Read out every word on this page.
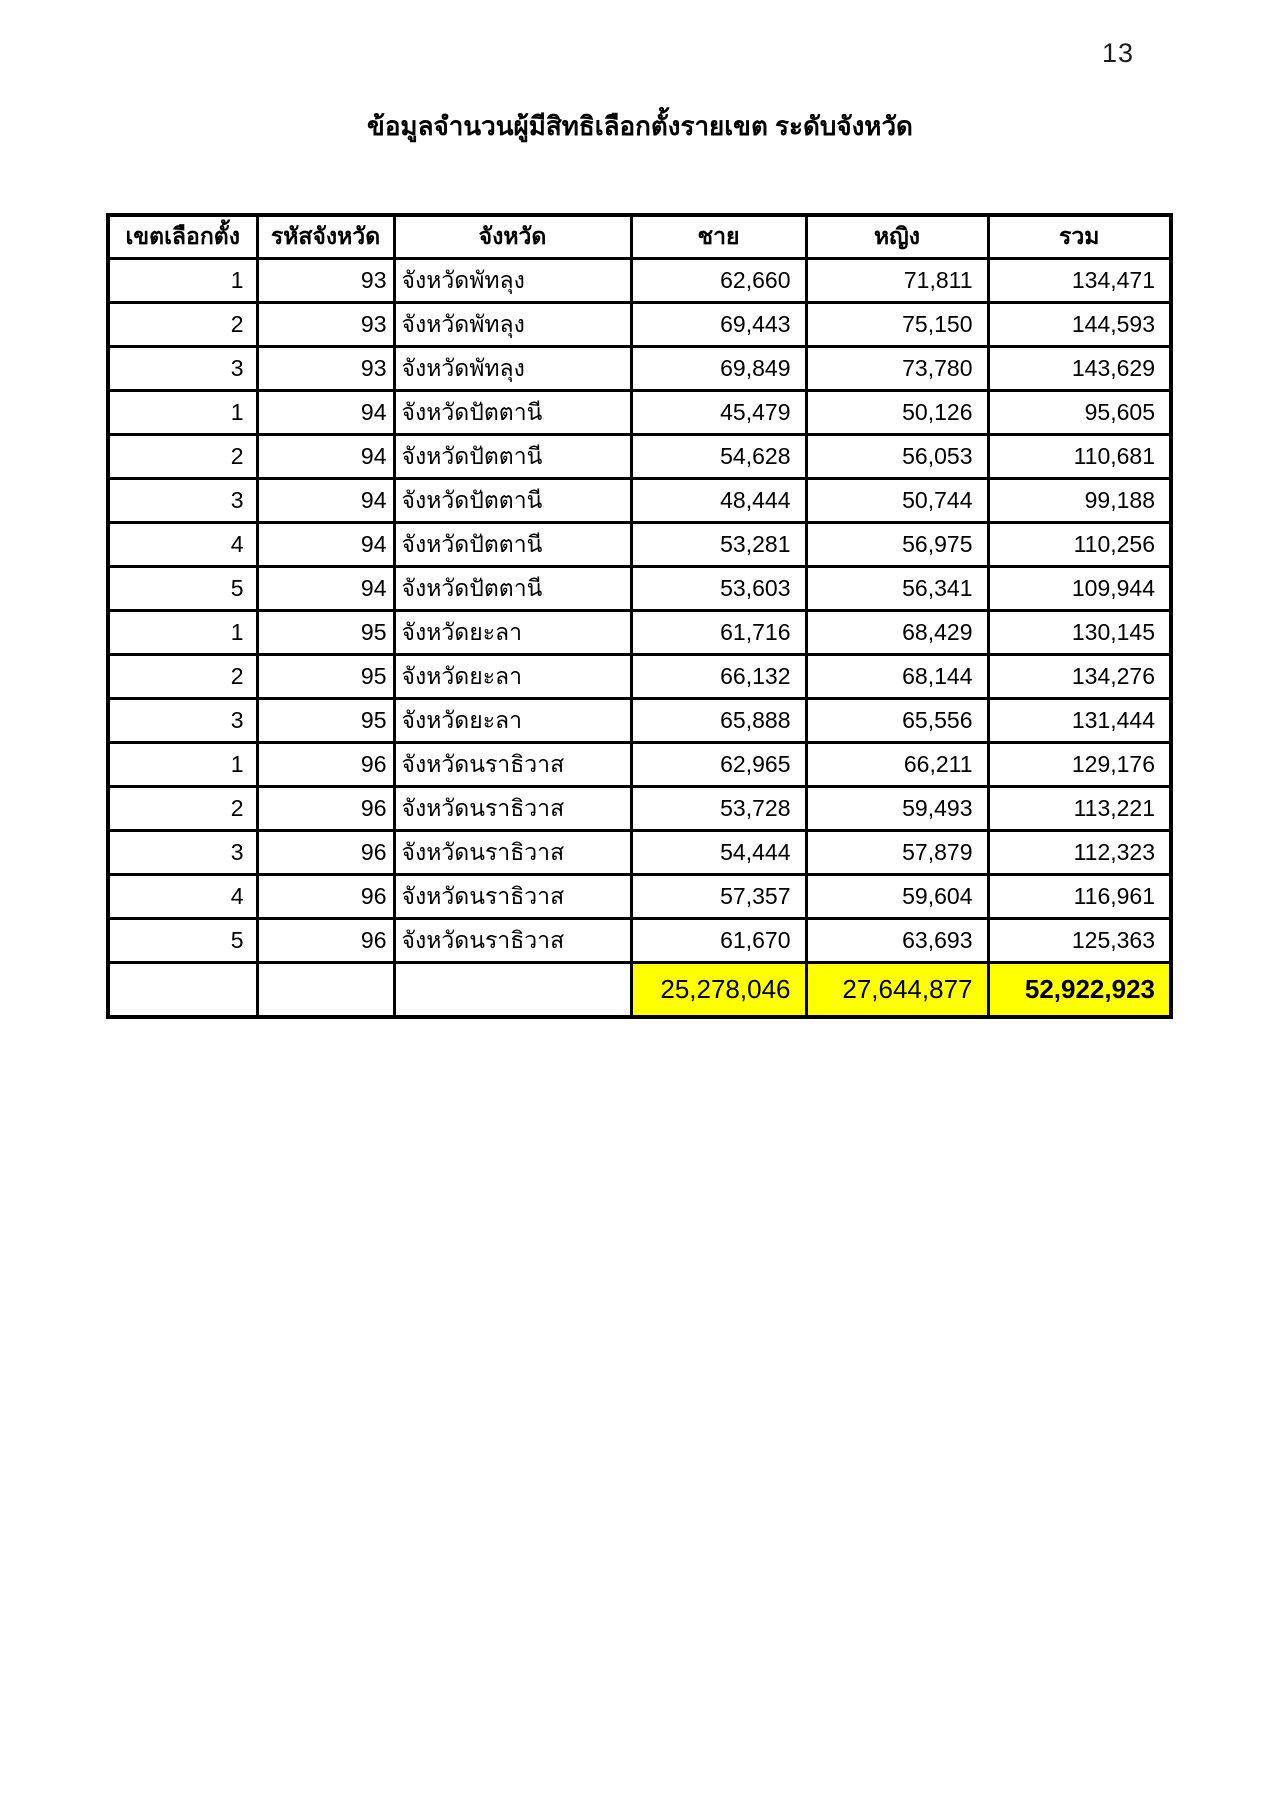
13
ข้อมูลจำนวนผู้มีสิทธิเลือกตั้งรายเขต ระดับจังหวัด
เขตเลือกตั้ง	รหัสจังหวัด	จังหวัด	ชาย	หญิง	รวม
1	93	จังหวัดพัทลุง	62,660	71,811	134,471
2	93	จังหวัดพัทลุง	69,443	75,150	144,593
3	93	จังหวัดพัทลุง	69,849	73,780	143,629
1	94	จังหวัดปัตตานี	45,479	50,126	95,605
2	94	จังหวัดปัตตานี	54,628	56,053	110,681
3	94	จังหวัดปัตตานี	48,444	50,744	99,188
4	94	จังหวัดปัตตานี	53,281	56,975	110,256
5	94	จังหวัดปัตตานี	53,603	56,341	109,944
1	95	จังหวัดยะลา	61,716	68,429	130,145
2	95	จังหวัดยะลา	66,132	68,144	134,276
3	95	จังหวัดยะลา	65,888	65,556	131,444
1	96	จังหวัดนราธิวาส	62,965	66,211	129,176
2	96	จังหวัดนราธิวาส	53,728	59,493	113,221
3	96	จังหวัดนราธิวาส	54,444	57,879	112,323
4	96	จังหวัดนราธิวาส	57,357	59,604	116,961
5	96	จังหวัดนราธิวาส	61,670	63,693	125,363
			25,278,046	27,644,877	52,922,923
